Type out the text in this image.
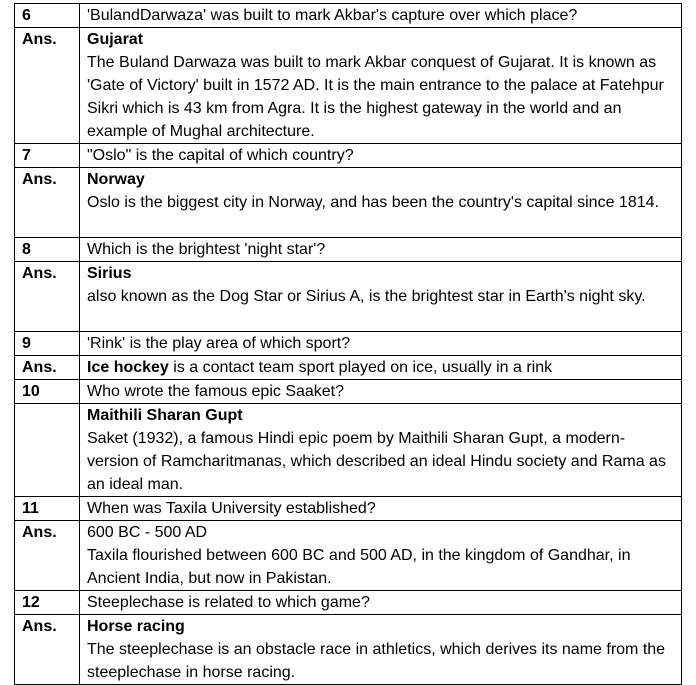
6	'BulandDarwaza' was built to mark Akbar's capture over which place?
Ans.	Gujarat
The Buland Darwaza was built to mark Akbar conquest of Gujarat. It is known as 'Gate of Victory' built in 1572 AD. It is the main entrance to the palace at Fatehpur Sikri which is 43 km from Agra. It is the highest gateway in the world and an example of Mughal architecture.

7	"Oslo" is the capital of which country?
Ans.	Norway
Oslo is the biggest city in Norway, and has been the country's capital since 1814.

8	Which is the brightest 'night star'?
Ans.	Sirius
also known as the Dog Star or Sirius A, is the brightest star in Earth's night sky.

9	'Rink' is the play area of which sport?
Ans.	Ice hockey is a contact team sport played on ice, usually in a rink
10	Who wrote the famous epic Saaket?

	Maithili Sharan Gupt
Saket (1932), a famous Hindi epic poem by Maithili Sharan Gupt, a modern-version of Ramcharitmanas, which described an ideal Hindu society and Rama as an ideal man.

11	When was Taxila University established?
Ans.	600 BC - 500 AD
Taxila flourished between 600 BC and 500 AD, in the kingdom of Gandhar, in Ancient India, but now in Pakistan.

12	Steeplechase is related to which game?
Ans.	Horse racing
The steeplechase is an obstacle race in athletics, which derives its name from the steeplechase in horse racing.
